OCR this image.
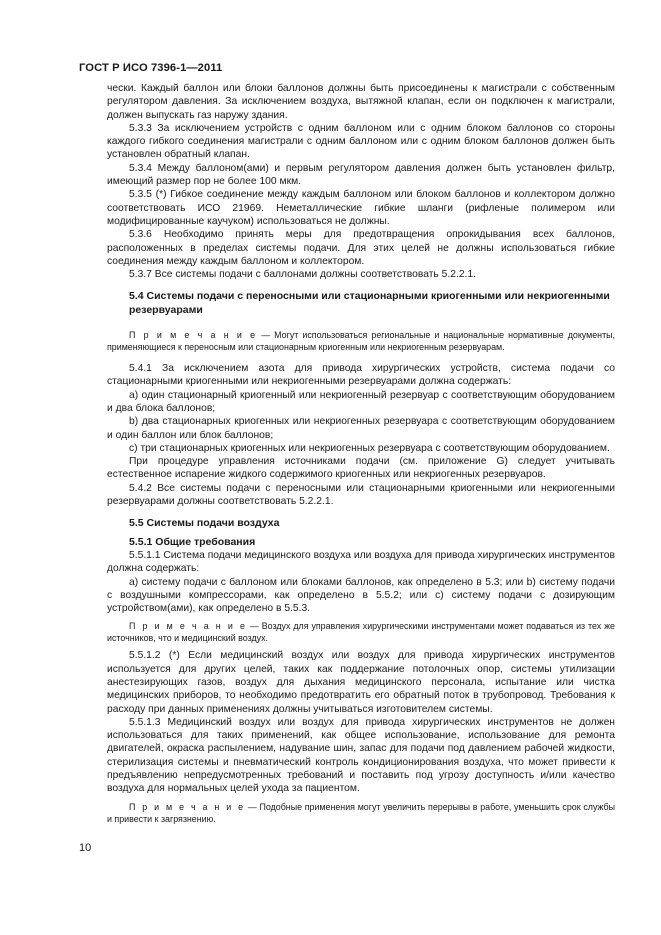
ГОСТ Р ИСО 7396-1—2011

чески. Каждый баллон или блоки баллонов должны быть присоединены к магистрали с собственным регулятором давления. За исключением воздуха, вытяжной клапан, если он подключен к магистрали, должен выпускать газ наружу здания.

5.3.3 За исключением устройств с одним баллоном или с одним блоком баллонов со стороны каждого гибкого соединения магистрали с одним баллоном или с одним блоком баллонов должен быть установлен обратный клапан.

5.3.4 Между баллоном(ами) и первым регулятором давления должен быть установлен фильтр, имеющий размер пор не более 100 мкм.

5.3.5 (*) Гибкое соединение между каждым баллоном или блоком баллонов и коллектором должно соответствовать ИСО 21969. Неметаллические гибкие шланги (рифленые полимером или модифицированные каучуком) использоваться не должны.

5.3.6 Необходимо принять меры для предотвращения опрокидывания всех баллонов, расположенных в пределах системы подачи. Для этих целей не должны использоваться гибкие соединения между каждым баллоном и коллектором.

5.3.7 Все системы подачи с баллонами должны соответствовать 5.2.2.1.

5.4 Системы подачи с переносными или стационарными криогенными или некриогенными резервуарами

П р и м е ч а н и е — Могут использоваться региональные и национальные нормативные документы, применяющиеся к переносным или стационарным криогенным или некриогенным резервуарам.

5.4.1 За исключением азота для привода хирургических устройств, система подачи со стационарными криогенными или некриогенными резервуарами должна содержать:

a) один стационарный криогенный или некриогенный резервуар с соответствующим оборудованием и два блока баллонов;

b) два стационарных криогенных или некриогенных резервуара с соответствующим оборудованием и один баллон или блок баллонов;

c) три стационарных криогенных или некриогенных резервуара с соответствующим оборудованием.

При процедуре управления источниками подачи (см. приложение G) следует учитывать естественное испарение жидкого содержимого криогенных или некриогенных резервуаров.

5.4.2 Все системы подачи с переносными или стационарными криогенными или некриогенными резервуарами должны соответствовать 5.2.2.1.

5.5 Системы подачи воздуха
5.5.1 Общие требования

5.5.1.1 Система подачи медицинского воздуха или воздуха для привода хирургических инструментов должна содержать:

a) систему подачи с баллоном или блоками баллонов, как определено в 5.3; или b) систему подачи с воздушными компрессорами, как определено в 5.5.2; или c) систему подачи с дозирующим устройством(ами), как определено в 5.5.3.

П р и м е ч а н и е — Воздух для управления хирургическими инструментами может подаваться из тех же источников, что и медицинский воздух.

5.5.1.2 (*) Если медицинский воздух или воздух для привода хирургических инструментов используется для других целей, таких как поддержание потолочных опор, системы утилизации анестезирующих газов, воздух для дыхания медицинского персонала, испытание или чистка медицинских приборов, то необходимо предотвратить его обратный поток в трубопровод. Требования к расходу при данных применениях должны учитываться изготовителем системы.

5.5.1.3 Медицинский воздух или воздух для привода хирургических инструментов не должен использоваться для таких применений, как общее использование, использование для ремонта двигателей, окраска распылением, надувание шин, запас для подачи под давлением рабочей жидкости, стерилизация системы и пневматический контроль кондиционирования воздуха, что может привести к предъявлению непредусмотренных требований и поставить под угрозу доступность и/или качество воздуха для нормальных целей ухода за пациентом.

П р и м е ч а н и е — Подобные применения могут увеличить перерывы в работе, уменьшить срок службы и привести к загрязнению.

10
